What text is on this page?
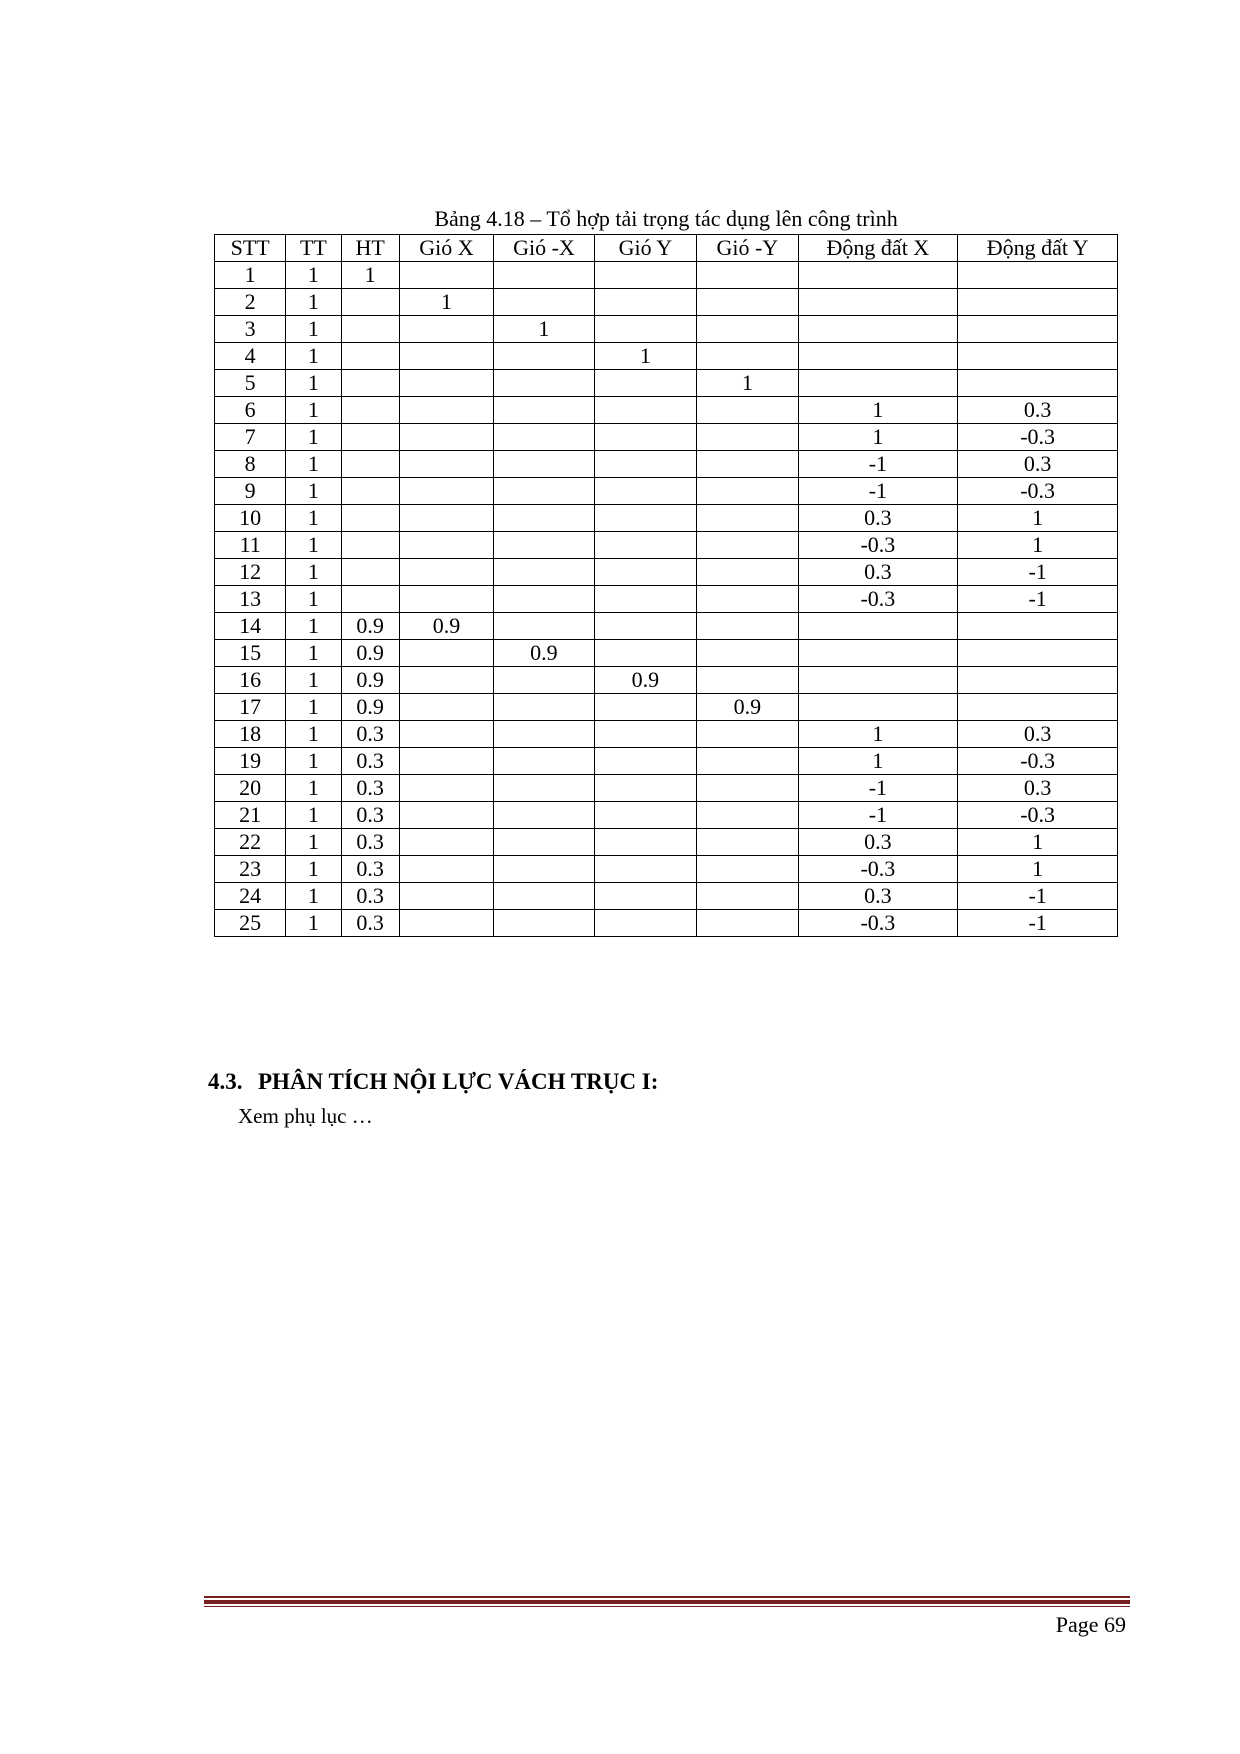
Bảng 4.18 – Tổ hợp tải trọng tác dụng lên công trình
STT	TT	HT	Gió X	Gió -X	Gió Y	Gió -Y	Động đất X	Động đất Y
1	1	1						
2	1		1					
3	1			1				
4	1				1			
5	1					1		
6	1						1	0.3
7	1						1	-0.3
8	1						-1	0.3
9	1						-1	-0.3
10	1						0.3	1
11	1						-0.3	1
12	1						0.3	-1
13	1						-0.3	-1
14	1	0.9	0.9					
15	1	0.9		0.9				
16	1	0.9			0.9			
17	1	0.9				0.9		
18	1	0.3					1	0.3
19	1	0.3					1	-0.3
20	1	0.3					-1	0.3
21	1	0.3					-1	-0.3
22	1	0.3					0.3	1
23	1	0.3					-0.3	1
24	1	0.3					0.3	-1
25	1	0.3					-0.3	-1
4.3. PHÂN TÍCH NỘI LỰC VÁCH TRỤC I:

Xem phụ lục …

Page 69
